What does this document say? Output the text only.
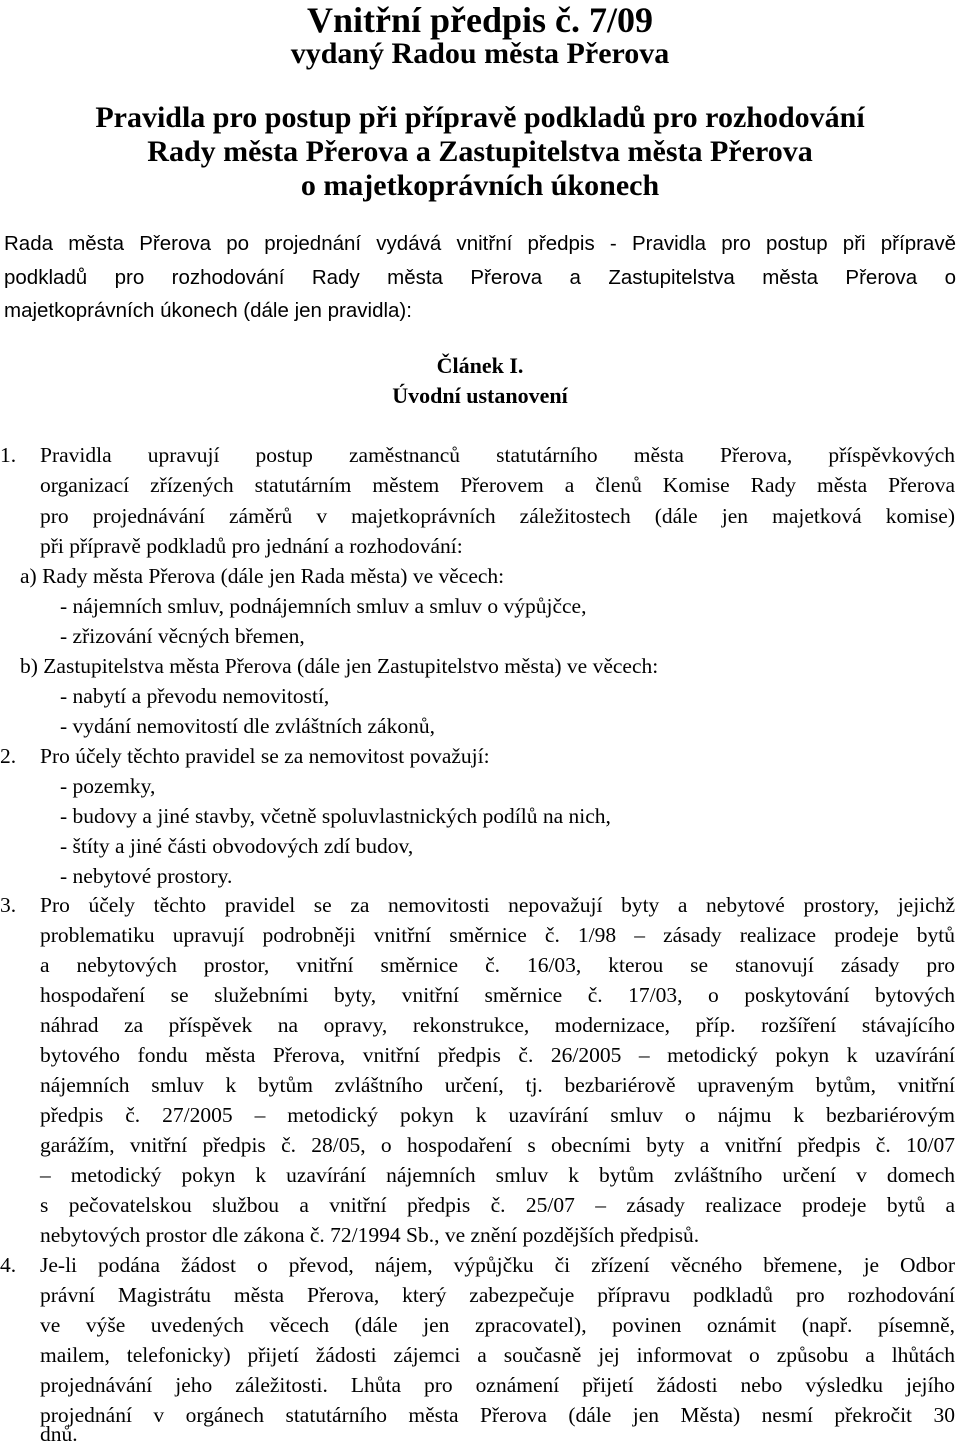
Vnitřní předpis č. 7/09
vydaný Radou města Přerova
Pravidla pro postup při přípravě podkladů pro rozhodování
Rady města Přerova a Zastupitelstva města Přerova
o majetkoprávních úkonech
Rada města Přerova po projednání vydává vnitřní předpis - Pravidla pro postup při přípravě
podkladů pro rozhodování Rady města Přerova a Zastupitelstva města Přerova o
majetkoprávních úkonech (dále jen pravidla):
Článek I.
Úvodní ustanovení
1. Pravidla upravují postup zaměstnanců statutárního města Přerova, příspěvkových
organizací zřízených statutárním městem Přerovem a členů Komise Rady města Přerova
pro projednávání záměrů v majetkoprávních záležitostech (dále jen majetková komise)
při přípravě podkladů pro jednání a rozhodování:
a) Rady města Přerova (dále jen Rada města) ve věcech:
- nájemních smluv, podnájemních smluv a smluv o výpůjčce,
- zřizování věcných břemen,
b) Zastupitelstva města Přerova (dále jen Zastupitelstvo města) ve věcech:
- nabytí a převodu nemovitostí,
- vydání nemovitostí dle zvláštních zákonů,
2. Pro účely těchto pravidel se za nemovitost považují:
- pozemky,
- budovy a jiné stavby, včetně spoluvlastnických podílů na nich,
- štíty a jiné části obvodových zdí budov,
- nebytové prostory.
3. Pro účely těchto pravidel se za nemovitosti nepovažují byty a nebytové prostory, jejichž
problematiku upravují podrobněji vnitřní směrnice č. 1/98 – zásady realizace prodeje bytů
a nebytových prostor, vnitřní směrnice č. 16/03, kterou se stanovují zásady pro
hospodaření se služebními byty, vnitřní směrnice č. 17/03, o poskytování bytových
náhrad za příspěvek na opravy, rekonstrukce, modernizace, příp. rozšíření stávajícího
bytového fondu města Přerova, vnitřní předpis č. 26/2005 – metodický pokyn k uzavírání
nájemních smluv k bytům zvláštního určení, tj. bezbariérově upraveným bytům, vnitřní
předpis č. 27/2005 – metodický pokyn k uzavírání smluv o nájmu k bezbariérovým
garážím, vnitřní předpis č. 28/05, o hospodaření s obecními byty a vnitřní předpis č. 10/07
– metodický pokyn k uzavírání nájemních smluv k bytům zvláštního určení v domech
s pečovatelskou službou a vnitřní předpis č. 25/07 – zásady realizace prodeje bytů a
nebytových prostor dle zákona č. 72/1994 Sb., ve znění pozdějších předpisů.
4. Je-li podána žádost o převod, nájem, výpůjčku či zřízení věcného břemene, je Odbor
právní Magistrátu města Přerova, který zabezpečuje přípravu podkladů pro rozhodování
ve výše uvedených věcech (dále jen zpracovatel), povinen oznámit (např. písemně,
mailem, telefonicky) přijetí žádosti zájemci a současně jej informovat o způsobu a lhůtách
projednávání jeho záležitosti. Lhůta pro oznámení přijetí žádosti nebo výsledku jejího
projednání v orgánech statutárního města Přerova (dále jen Města) nesmí překročit 30
dnů.
